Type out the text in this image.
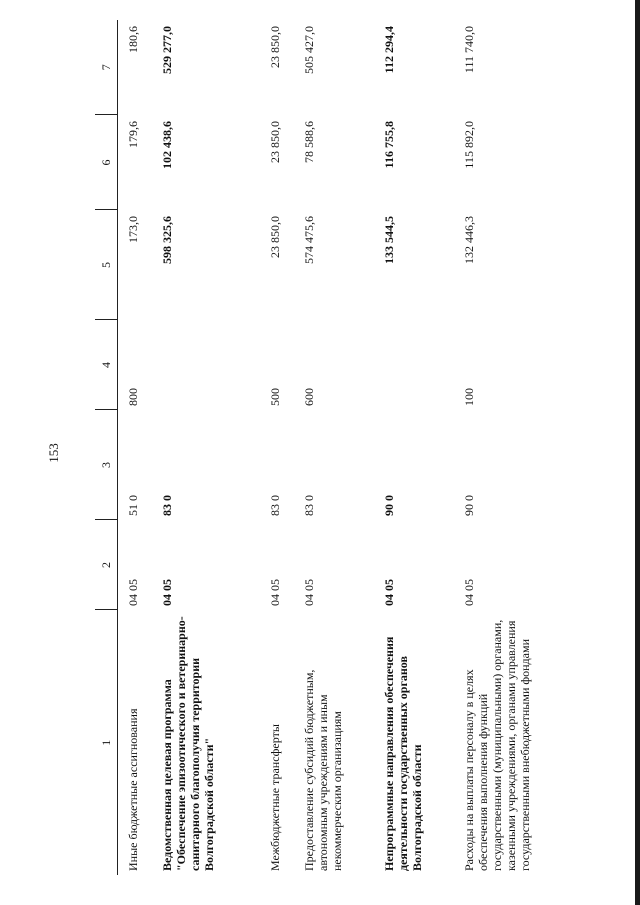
153
1	2	3	4	5	6	7
Иные бюджетные ассигнования	04 05	51 0	800	173,0	179,6	180,6
Ведомственная целевая программа "Обеспечение эпизоотического и ветеринарно-санитарного благополучия территории Волгоградской области"	04 05	83 0		598 325,6	102 438,6	529 277,0
Межбюджетные трансферты	04 05	83 0	500	23 850,0	23 850,0	23 850,0
Предоставление субсидий бюджетным, автономным учреждениям и иным некоммерческим организациям	04 05	83 0	600	574 475,6	78 588,6	505 427,0
Непрограммные направления обеспечения деятельности государственных органов Волгоградской области	04 05	90 0		133 544,5	116 755,8	112 294,4
Расходы на выплаты персоналу в целях обеспечения выполнения функций государственными (муниципальными) органами, казенными учреждениями, органами управления государственными внебюджетными фондами	04 05	90 0	100	132 446,3	115 892,0	111 740,0
